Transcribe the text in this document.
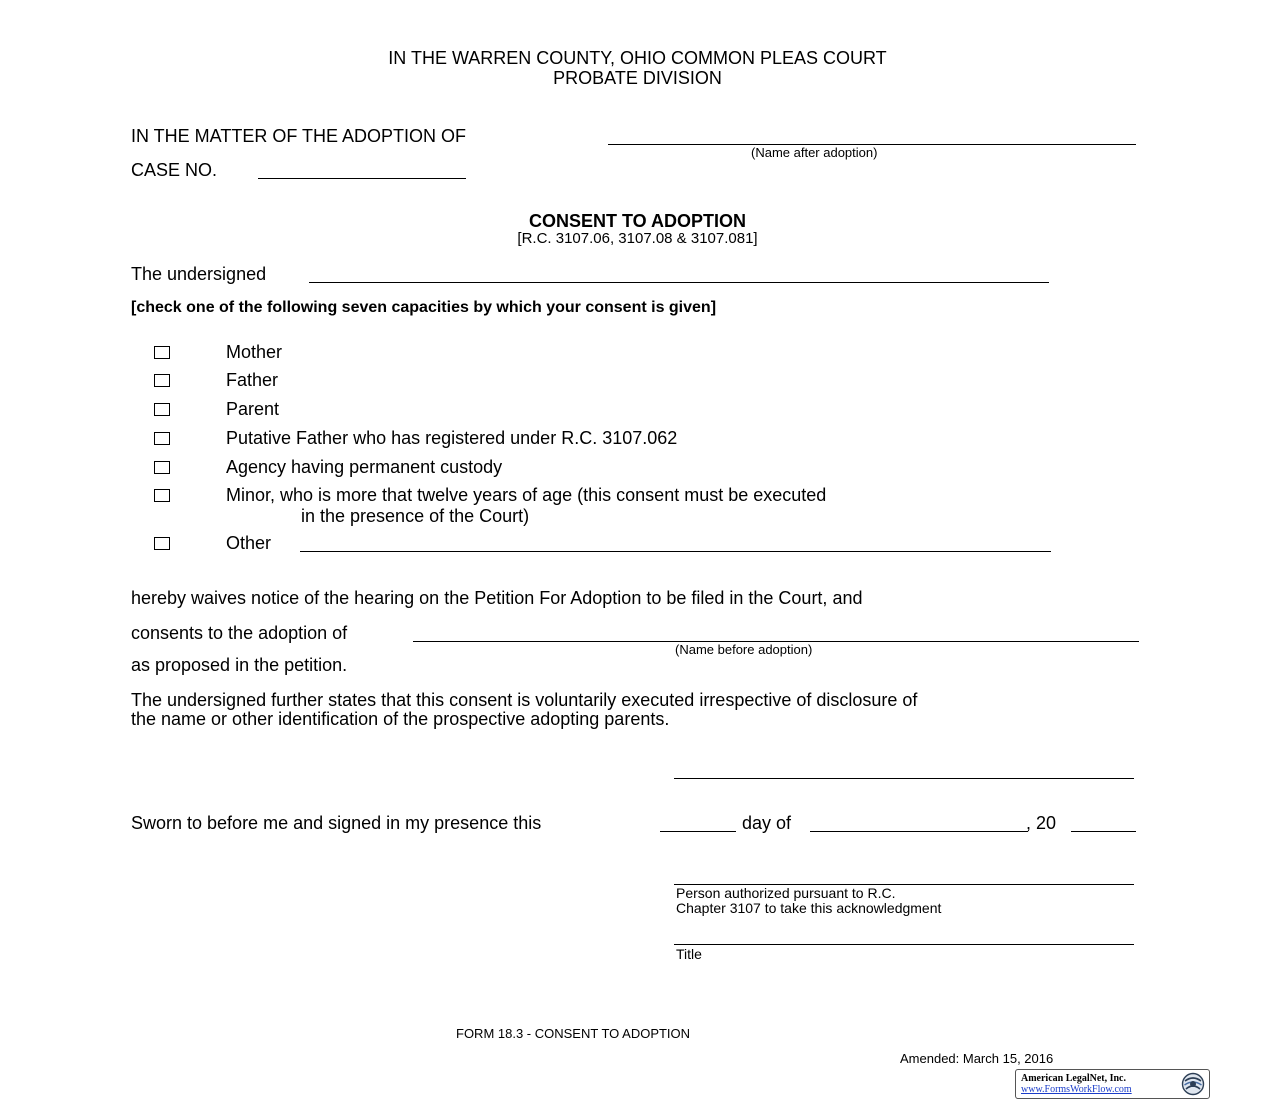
IN THE WARREN COUNTY, OHIO COMMON PLEAS COURT
PROBATE DIVISION
IN THE MATTER OF THE ADOPTION OF
(Name after adoption)
CASE NO.
CONSENT TO ADOPTION
[R.C. 3107.06, 3107.08 & 3107.081]
The undersigned
[check one of the following seven capacities by which your consent is given]
Mother
Father
Parent
Putative Father who has registered under R.C. 3107.062
Agency having permanent custody
Minor, who is more that twelve years of age (this consent must be executed
in the presence of the Court)
Other
hereby waives notice of the hearing on the Petition For Adoption to be filed in the Court, and
consents to the adoption of
(Name before adoption)
as proposed in the petition.
The undersigned further states that this consent is voluntarily executed irrespective of disclosure of
the name or other identification of the prospective adopting parents.
Sworn to before me and signed in my presence this	day of	, 20
Person authorized pursuant to R.C.
Chapter 3107 to take this acknowledgment
Title
FORM 18.3 - CONSENT TO ADOPTION
Amended: March 15, 2016
American LegalNet, Inc.
www.FormsWorkFlow.com
